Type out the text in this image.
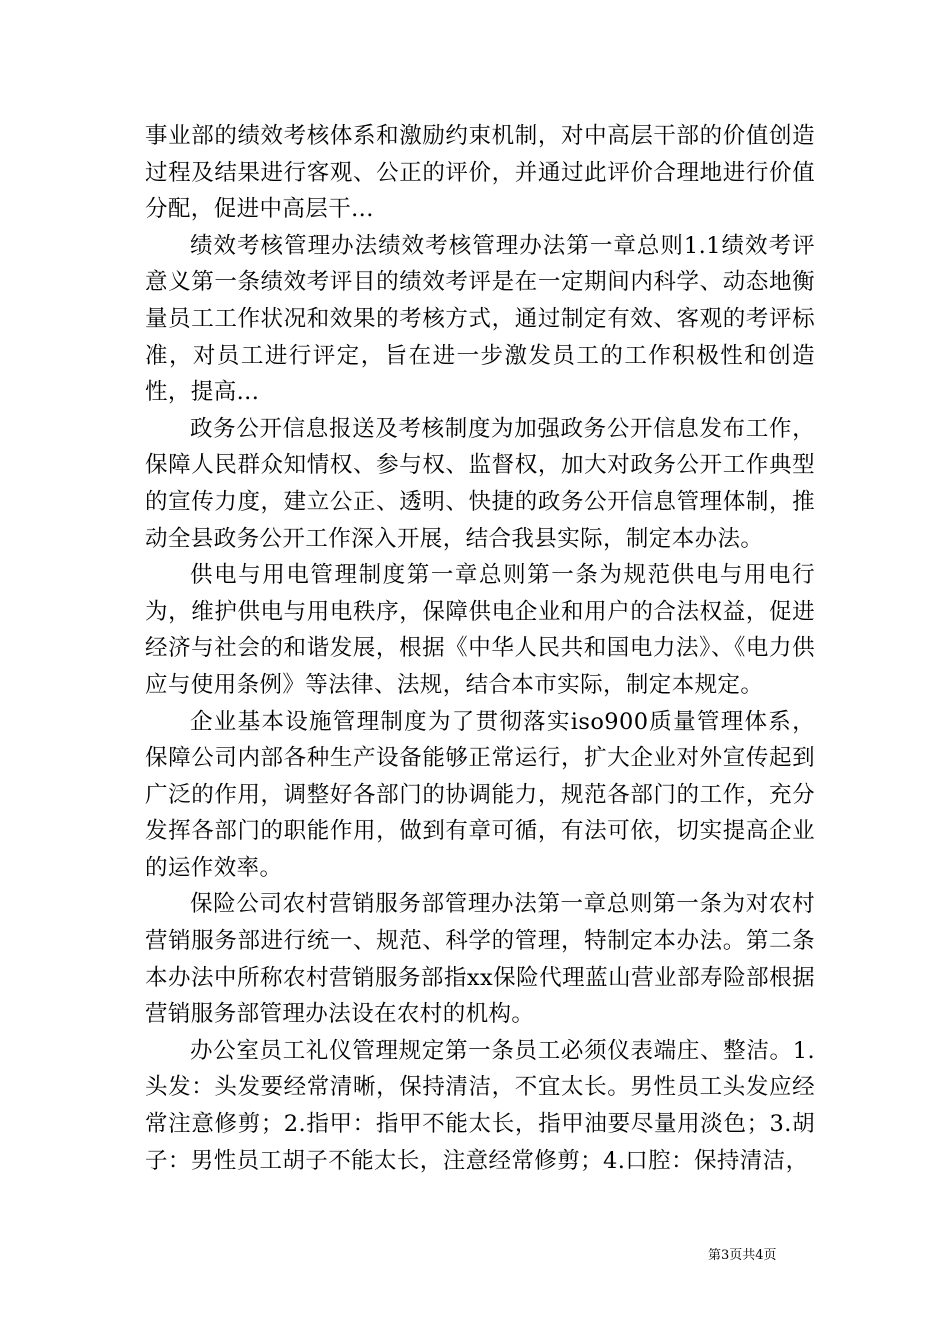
事业部的绩效考核体系和激励约束机制，对中高层干部的价值创造过程及结果进行客观、公正的评价，并通过此评价合理地进行价值分配，促进中高层干...

绩效考核管理办法绩效考核管理办法第一章总则1.1绩效考评意义第一条绩效考评目的绩效考评是在一定期间内科学、动态地衡量员工工作状况和效果的考核方式，通过制定有效、客观的考评标准，对员工进行评定，旨在进一步激发员工的工作积极性和创造性，提高...

政务公开信息报送及考核制度为加强政务公开信息发布工作，保障人民群众知情权、参与权、监督权，加大对政务公开工作典型的宣传力度，建立公正、透明、快捷的政务公开信息管理体制，推动全县政务公开工作深入开展，结合我县实际，制定本办法。

供电与用电管理制度第一章总则第一条为规范供电与用电行为，维护供电与用电秩序，保障供电企业和用户的合法权益，促进经济与社会的和谐发展，根据《中华人民共和国电力法》、《电力供应与使用条例》等法律、法规，结合本市实际，制定本规定。

企业基本设施管理制度为了贯彻落实iso900质量管理体系，保障公司内部各种生产设备能够正常运行，扩大企业对外宣传起到广泛的作用，调整好各部门的协调能力，规范各部门的工作，充分发挥各部门的职能作用，做到有章可循，有法可依，切实提高企业的运作效率。

保险公司农村营销服务部管理办法第一章总则第一条为对农村营销服务部进行统一、规范、科学的管理，特制定本办法。第二条本办法中所称农村营销服务部指xx保险代理蓝山营业部寿险部根据营销服务部管理办法设在农村的机构。

办公室员工礼仪管理规定第一条员工必须仪表端庄、整洁。1.头发：头发要经常清晰，保持清洁，不宜太长。男性员工头发应经常注意修剪；2.指甲：指甲不能太长，指甲油要尽量用淡色；3.胡子：男性员工胡子不能太长，注意经常修剪；4.口腔：保持清洁，

第3页共4页
